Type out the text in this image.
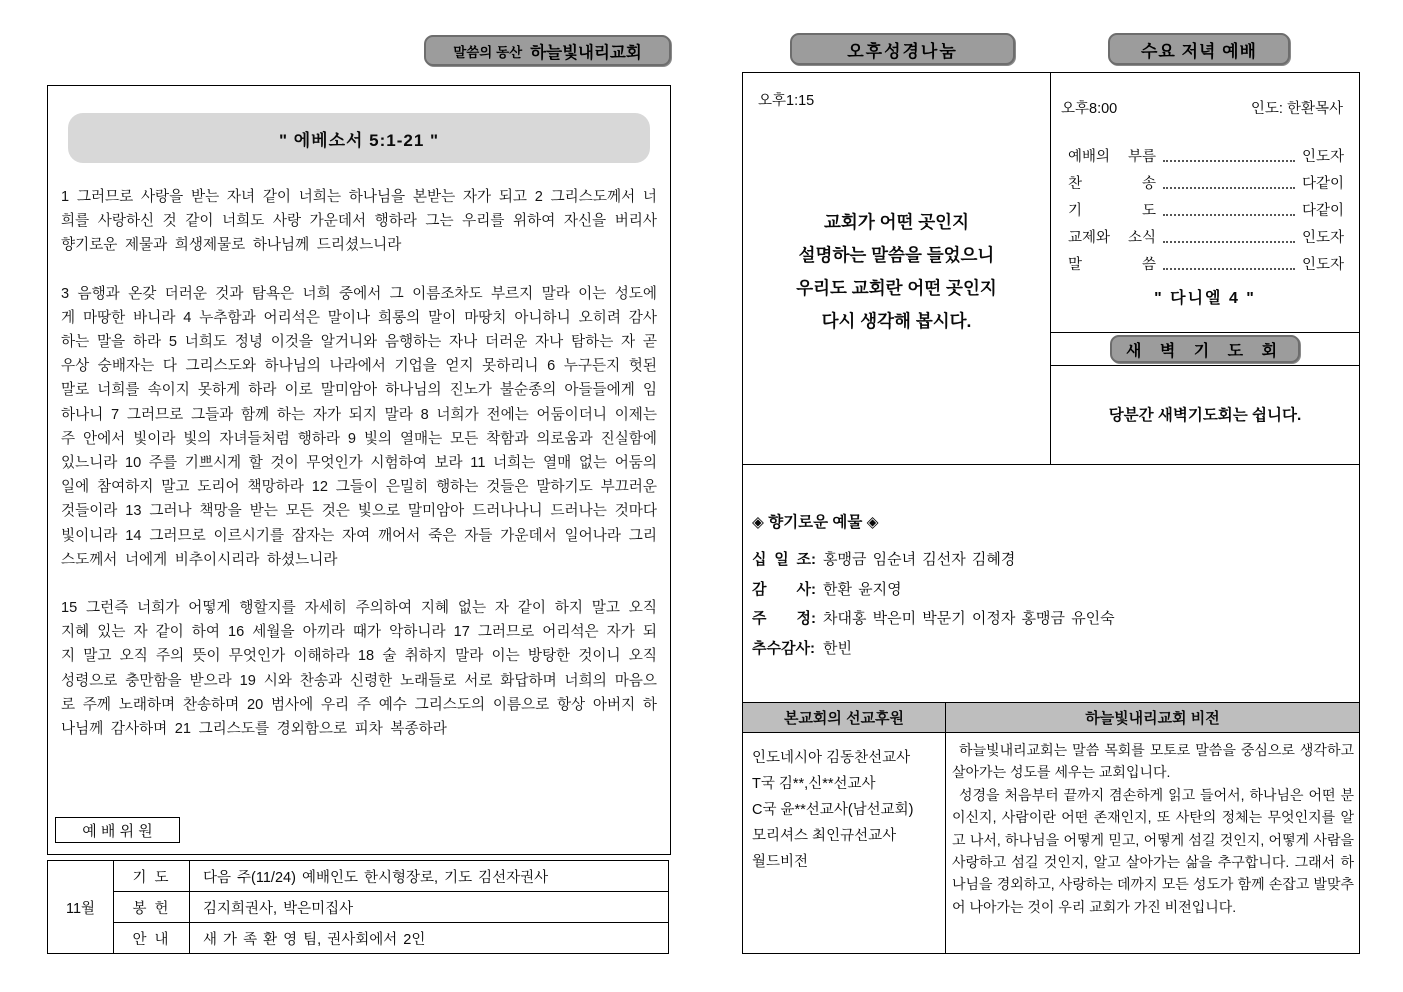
말씀의 동산 하늘빛내리교회
" 에베소서 5:1-21 "

1 그러므로 사랑을 받는 자녀 같이 너희는 하나님을 본받는 자가 되고 2 그리스도께서 너희를 사랑하신 것 같이 너희도 사랑 가운데서 행하라 그는 우리를 위하여 자신을 버리사 향기로운 제물과 희생제물로 하나님께 드리셨느니라

3 음행과 온갖 더러운 것과 탐욕은 너희 중에서 그 이름조차도 부르지 말라 이는 성도에게 마땅한 바니라 4 누추함과 어리석은 말이나 희롱의 말이 마땅치 아니하니 오히려 감사하는 말을 하라 5 너희도 정녕 이것을 알거니와 음행하는 자나 더러운 자나 탐하는 자 곧 우상 숭배자는 다 그리스도와 하나님의 나라에서 기업을 얻지 못하리니 6 누구든지 헛된 말로 너희를 속이지 못하게 하라 이로 말미암아 하나님의 진노가 불순종의 아들들에게 임하나니 7 그러므로 그들과 함께 하는 자가 되지 말라 8 너희가 전에는 어둠이더니 이제는 주 안에서 빛이라 빛의 자녀들처럼 행하라 9 빛의 열매는 모든 착함과 의로움과 진실함에 있느니라 10 주를 기쁘시게 할 것이 무엇인가 시험하여 보라 11 너희는 열매 없는 어둠의 일에 참여하지 말고 도리어 책망하라 12 그들이 은밀히 행하는 것들은 말하기도 부끄러운 것들이라 13 그러나 책망을 받는 모든 것은 빛으로 말미암아 드러나나니 드러나는 것마다 빛이니라 14 그러므로 이르시기를 잠자는 자여 깨어서 죽은 자들 가운데서 일어나라 그리스도께서 너에게 비추이시리라 하셨느니라

15 그런즉 너희가 어떻게 행할지를 자세히 주의하여 지혜 없는 자 같이 하지 말고 오직 지혜 있는 자 같이 하여 16 세월을 아끼라 때가 악하니라 17 그러므로 어리석은 자가 되지 말고 오직 주의 뜻이 무엇인가 이해하라 18 술 취하지 말라 이는 방탕한 것이니 오직 성령으로 충만함을 받으라 19 시와 찬송과 신령한 노래들로 서로 화답하며 너희의 마음으로 주께 노래하며 찬송하며 20 범사에 우리 주 예수 그리스도의 이름으로 항상 아버지 하나님께 감사하며 21 그리스도를 경외함으로 피차 복종하라

예 배 위 원
11월	기 도	다음 주(11/24) 예배인도 한시형장로, 기도 김선자권사
	봉 헌	김지희권사, 박은미집사
	안 내	새 가 족 환 영 팀, 권사회에서 2인
오후성경나눔	수요 저녁 예배
오후1:15
교회가 어떤 곳인지
설명하는 말씀을 들었으니
우리도 교회란 어떤 곳인지
다시 생각해 봅시다.
오후8:00	인도: 한환목사
예배의 부름	인도자
찬 송	다같이
기 도	다같이
교제와 소식	인도자
말 씀	인도자
" 다니엘 4 "
새 벽 기 도 회
당분간 새벽기도회는 쉽니다.
◈ 향기로운 예물 ◈
십 일 조: 홍맹금 임순녀 김선자 김혜경
감 사: 한환 윤지영
주 정: 차대홍 박은미 박문기 이정자 홍맹금 유인숙
추수감사: 한빈
본교회의 선교후원	하늘빛내리교회 비전

인도네시아 김동찬선교사
T국 김**,신**선교사
C국 윤**선교사(남선교회)
모리셔스 최인규선교사
월드비전

하늘빛내리교회는 말씀 목회를 모토로 말씀을 중심으로 생각하고 살아가는 성도를 세우는 교회입니다.

성경을 처음부터 끝까지 겸손하게 읽고 들어서, 하나님은 어떤 분이신지, 사람이란 어떤 존재인지, 또 사탄의 정체는 무엇인지를 알고 나서, 하나님을 어떻게 믿고, 어떻게 섬길 것인지, 어떻게 사람을 사랑하고 섬길 것인지, 알고 살아가는 삶을 추구합니다. 그래서 하나님을 경외하고, 사랑하는 데까지 모든 성도가 함께 손잡고 발맞추어 나아가는 것이 우리 교회가 가진 비전입니다.
